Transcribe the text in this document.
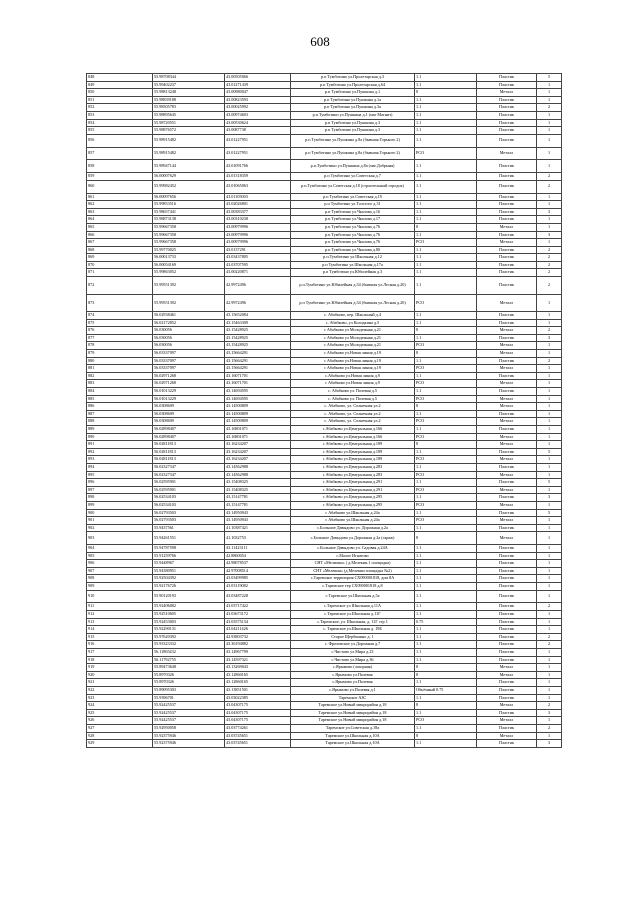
608
848	55.98708344	43.00505066	р.п Тумботино ул.Пролетарская д.3	1.1	Пластик	5
849	55.99402237	43.01271439	р.п Тумботино ул.Пролетарская д.64	1.1	Пластик	1
850	55.98813248	43.00980047	р.п Тумботино ул.Пушкина д.1	8	Металл	1
851	55.98839188	43.00823593	р.п Тумботино ул.Пушкина д.1а	1.1	Пластик	1
852	55.98505783	43.00025992	р.п Тумботино ул.Пушкина д.3а	1.1	Пластик	2
853	55.98895645	43.00974603	р.п Тумботино ул.Пушкина д.1 (маг Магнит)	1.1	Пластик	1
854	55.98720551	43.00530624	р.п Тумботино ул.Пушкина д.3	1.1	Пластик	1
855	55.98876572	43.0087738	р.п Тумботино ул.Пушкина д.3	1.1	Пластик	1
856	55.98915482	43.01227951	р.п Тумботино ул.Пушкина д.8а (бывшая Горького 2)	1.1	Пластик	1
857	55.98915482	43.01227951	р.п Тумботино ул.Пушкина д.8а (бывшая Горького 2)	РСО	Металл	1
858	55.98947144	43.01091766	р.п.Тумботино ул.Пушкина д.8а (маг.Добрыня)	1.1	Пластик	1
859	56.00007629	43.01318359	р.п Тумботино ул.Советская д.7	1.1	Пластик	2
860	55.99982452	43.01065063	р.п.Тумботино ул.Советская д.18 (строительный городок)	1.1	Пластик	2
861	56.00097656	43.01105003	р.п Тумботино ул.Советская д.19	1.1	Пластик	1
862	55.99853516	43.02026801	р.п Тумботино ул.Толстого д.31	1.1	Пластик	1
863	55.98657441	43.00383377	р.п Тумботино ул.Чкалова д.16	1.1	Пластик	3
864	55.98873138	43.00310238	р.п Тумботино ул.Чкалова д.17	1.1	Пластик	1
865	55.99667358	43.00979996	р.п Тумботино ул.Чкалова д.76	8	Металл	1
866	55.99667358	43.00979996	р.п Тумботино ул.Чкалова д.76	1.1	Пластик	3
867	55.99667358	43.00979996	р.п Тумботино ул.Чкалова д.76	РСО	Металл	1
868	55.99770025	43.0137291	р.п Тумботино ул.Чкалова д.80	1.1	Пластик	2
869	56.00013733	43.03437805	р.п.Тумботино ул.Школьная д.12	1.1	Пластик	2
870	56.00054169	43.03707595	р.п Тумботино ул.Школьная д.17а	1.1	Пластик	2
871	55.99863052	43.00220871	р.п Тумботино ул.Юбилейная д.3	1.1	Пластик	2
872	55.99551392	42.9972496	р.п.Тумботино ул.Юбилейная д.34 (бывшая ул.Лесная д.20)	1.1	Пластик	2
873	55.99551392	42.9972496	р.п Тумботино ул.Юбилейная д.34 (бывшая ул.Лесная д.20)	РСО	Металл	1
874	56.02938461	43.15652084	с. Абабково, пер. Школьный д.4	1.1	Пластик	1
875	56.02172852	43.15463309	с. Абабково, ул Колодкина д.5	1.1	Пластик	1
876	56.030056	43.15428925	с Абабково ул Молодежная д.21	8	Металл	2
877	56.030056	43.15428925	с Абабково ул Молодежная д.21	1.1	Пластик	3
878	56.030056	43.15428925	с Абабково ул Молодежная д.21	РСО	Металл	1
879	56.03337097	43.15664291	с Абабково ул.Новая линия д.19	8	Металл	1
880	56.03337097	43.15664291	с Абабково ул.Новая линия д.19	1.1	Пластик	2
881	56.03337097	43.15664291	с Абабково ул.Новая линия д.19	РСО	Металл	1
882	56.02971268	43.16071701	с.Абабково ул.Новая линия д.9	1.1	Пластик	1
883	56.02971268	43.16071701	с Абабково ул.Новая линия д.9	РСО	Металл	1
884	56.01013229	43.14694595	с. Абабково ул. Полевая д.5	1.1	Пластик	1
885	56.01013229	43.14694595	с. Абабково ул. Полевая д.5	РСО	Металл	1
886	56.0308609	43.14500809	с. Абабково, ул. Солнечная ул.2	8	Металл	1
887	56.0308609	43.14500809	с. Абабково, ул. Солнечная ул.2	1.1	Пластик	1
888	56.0308609	43.14500809	с. Абабково, ул. Солнечная ул.2	РСО	Металл	1
889	56.02898407	43.16801071	с.Абабково ул.Центральная д.166	1.1	Пластик	1
890	56.02898407	43.16801071	с Абабково ул.Центральная д.166	РСО	Металл	1
891	56.02811813	43.16234207	с Абабково ул.Центральная д.189	8	Металл	1
892	56.02811813	43.16234207	с Абабково ул.Центральная д.189	1.1	Пластик	5
893	56.02811813	43.16234207	с Абабково ул.Центральная д.189	РСО	Металл	1
894	56.02327347	43.14562988	с Абабково ул.Центральная д.283	1.1	Пластик	1
895	56.02327347	43.14562988	с Абабково ул.Центральная д.283	РСО	Металл	1
896	56.02595901	43.15408325	с Абабково ул.Центральная д.291	1.1	Пластик	5
897	56.02595901	43.15408325	с Абабково ул.Центральная д.291	РСО	Металл	1
898	56.02534103	43.15147781	с Абабково ул.Центральная д.295	1.1	Пластик	3
899	56.02534103	43.15147781	с Абабково ул.Центральная д.295	РСО	Металл	1
900	56.02793503	43.14950943	с Абабково ул.Школьная д.24а	1.1	Пластик	5
901	56.02793503	43.14950943	с Абабково ул.Школьная д.24а	РСО	Металл	1
902	55.9437561	41.10387421	с.Большое Давыдово ул. Дорожная д.2а	1.1	Пластик	1
903	55.94261551	41.1032753	с.Большое Давыдово ул.Дорожная д.2а (гараж)	8	Металл	1
904	55.94787598	43.11423111	с.Большое Давыдово ул. Садовая д.24А	1.1	Пластик	1
905	55.91259766	42.8860054	с.Малое Игнатово	1.1	Пластик	1
906	55.9448967	42.98078537	СНТ «Мелиоин» ( д.Мелекин.1 площадка)	1.1	Пластик	1
907	55.94380951	42.97008514	СНТ «Мелекин» (д.Мелекин площадка №2)	1.1	Пластик	1
908	55.92504392	43.03499985	с.Таремское территория СХ090001818, дом 8А	1.1	Пластик	1
909	55.92176726	43.03119082	с.Таремское тер СХ090001818 д.8	1.1	Пластик	1
910	55.90120193	43.03487228	с.Таремское ул.Школьная д.5а	1.1	Пластик	1
911	55.92406082	43.03717422	с.Таремское ул Школьная д.11А	1.1	Пластик	2
912	55.92510605	43.03673172	с.Таремское ул.Школьная д.11Г	1.1	Пластик	1
913	55.92453003	43.03575134	с.Таремское, ул. Школьная, д. 11Г стр 1	0.75	Пластик	1
914	55.92290131	43.04211426	с. Таремское ул.Школьная д. 19Б	1.1	Пластик	1
915	55.97620392	42.93803732	Старое Щербинино д. 1	1.1	Пластик	2
916	55.93323332	43.36194882	с. Фроловское ул.Дорожная д.7	1.1	Пластик	2
917	56.11865432	43.14967799	с.Чистово ул.Мира д.23	1.1	Пластик	1
918	56.11792755	43.14597321	с.Чистово ул.Мира д.36	1.1	Пластик	1
919	55.89473648	43.13269043	с.Ярымово (лазорная)	8	Металл	1
920	55.8970326	43.12860165	с.Ярымово ул.Полевая	8	Металл	1
921	55.8970326	43.12860165	с.Ярымово ул.Полевая	1.1	Пластик	1
922	55.89095303	43.13851501	с.Ярымово ул.Полевая д.1	Объёмный 0.75	Пластик	1
923	55.9396701	43.03022385	Таремское АЗС	1.1	Пластик	1
924	55.92425537	43.04307175	Таремское ул.Новый микрорайон д.18	8	Металл	2
925	55.92425537	43.04307175	Таремское ул.Новый микрорайон д.18	1.1	Пластик	3
926	55.92425537	43.04307175	Таремское ул.Новый микрорайон д.18	РСО	Металл	1
927	55.92950058	43.03774261	Таремское ул.Советская д.18а	1.1	Пластик	2
928	55.92375946	43.03745651	Таремское ул.Школьная д.10А	8	Металл	1
929	55.92375946	43.03745651	Таремское ул.Школьная д.10А	1.1	Пластик	3
